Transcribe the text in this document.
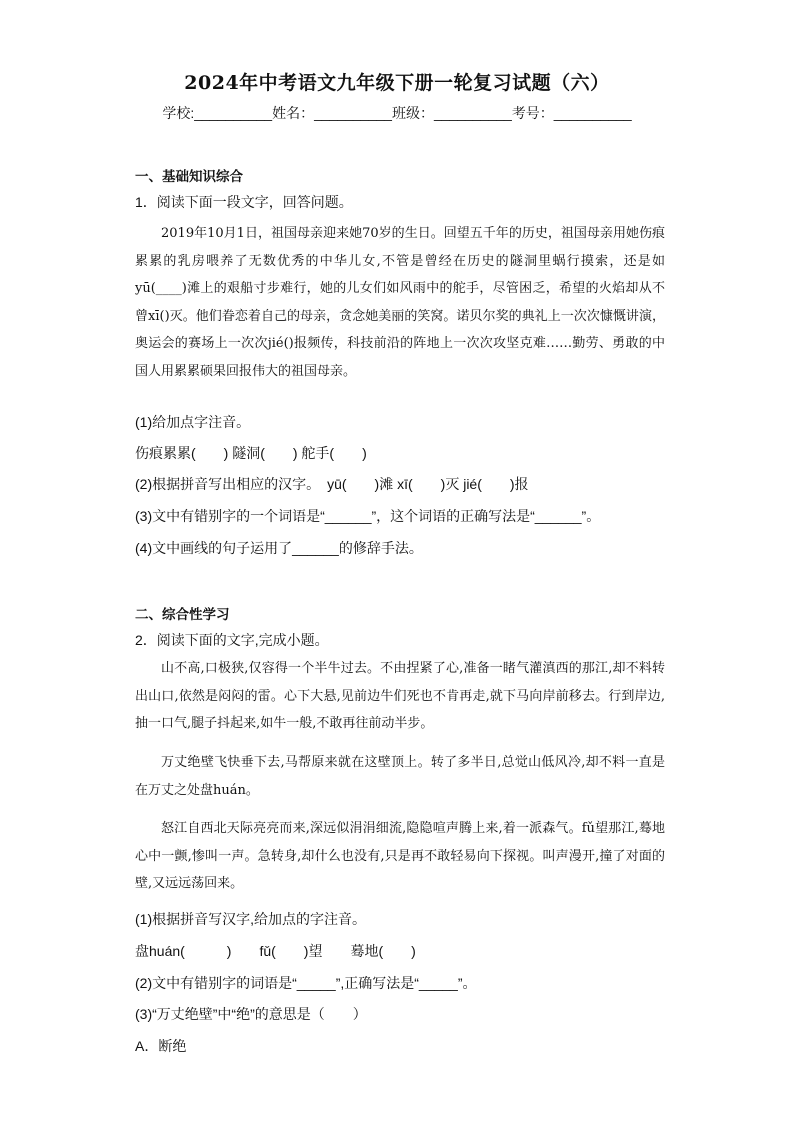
2024年中考语文九年级下册一轮复习试题（六）
学校:__________姓名：__________班级：__________考号：__________
一、基础知识综合
1．阅读下面一段文字，回答问题。
2019年10月1日，祖国母亲迎来她70岁的生日。回望五千年的历史，祖国母亲用她伤痕累累的乳房喂养了无数优秀的中华儿女,不管是曾经在历史的隧洞里蜗行摸索，还是如yū(____)滩上的艰船寸步难行，她的儿女们如风雨中的舵手，尽管困乏，希望的火焰却从不曾xī()灭。他们眷恋着自己的母亲，贪念她美丽的笑窝。诺贝尔奖的典礼上一次次慷慨讲演，奥运会的赛场上一次次jié()报频传，科技前沿的阵地上一次次攻坚克难……勤劳、勇敢的中国人用累累硕果回报伟大的祖国母亲。
(1)给加点字注音。
伤痕累累(　　) 隧洞(　　) 舵手(　　)
(2)根据拼音写出相应的汉字。　yū(　　)滩 xī(　　)灭 jié(　　)报
(3)文中有错别字的一个词语是“______”，这个词语的正确写法是“______”。
(4)文中画线的句子运用了______的修辞手法。
二、综合性学习
2．阅读下面的文字,完成小题。
山不高,口极狭,仅容得一个半牛过去。不由捏紧了心,准备一睹气灌滇西的那江,却不料转出山口,依然是闷闷的雷。心下大悬,见前边牛们死也不肯再走,就下马向岸前移去。行到岸边,抽一口气,腿子抖起来,如牛一般,不敢再往前动半步。
万丈绝壁飞快垂下去,马帮原来就在这壁顶上。转了多半日,总觉山低风冷,却不料一直是在万丈之处盘huán。
怒江自西北天际亮亮而来,深远似涓涓细流,隐隐喧声腾上来,着一派森气。fǔ望那江,蓦地心中一颤,惨叫一声。急转身,却什么也没有,只是再不敢轻易向下探视。叫声漫开,撞了对面的壁,又远远荡回来。
(1)根据拼音写汉字,给加点的字注音。
盘huán(　　　)　　fǔ(　　)望　　蓦地(　　)
(2)文中有错别字的词语是“_____”,正确写法是“_____”。
(3)“万丈绝壁”中“绝”的意思是（　　）
A．断绝
